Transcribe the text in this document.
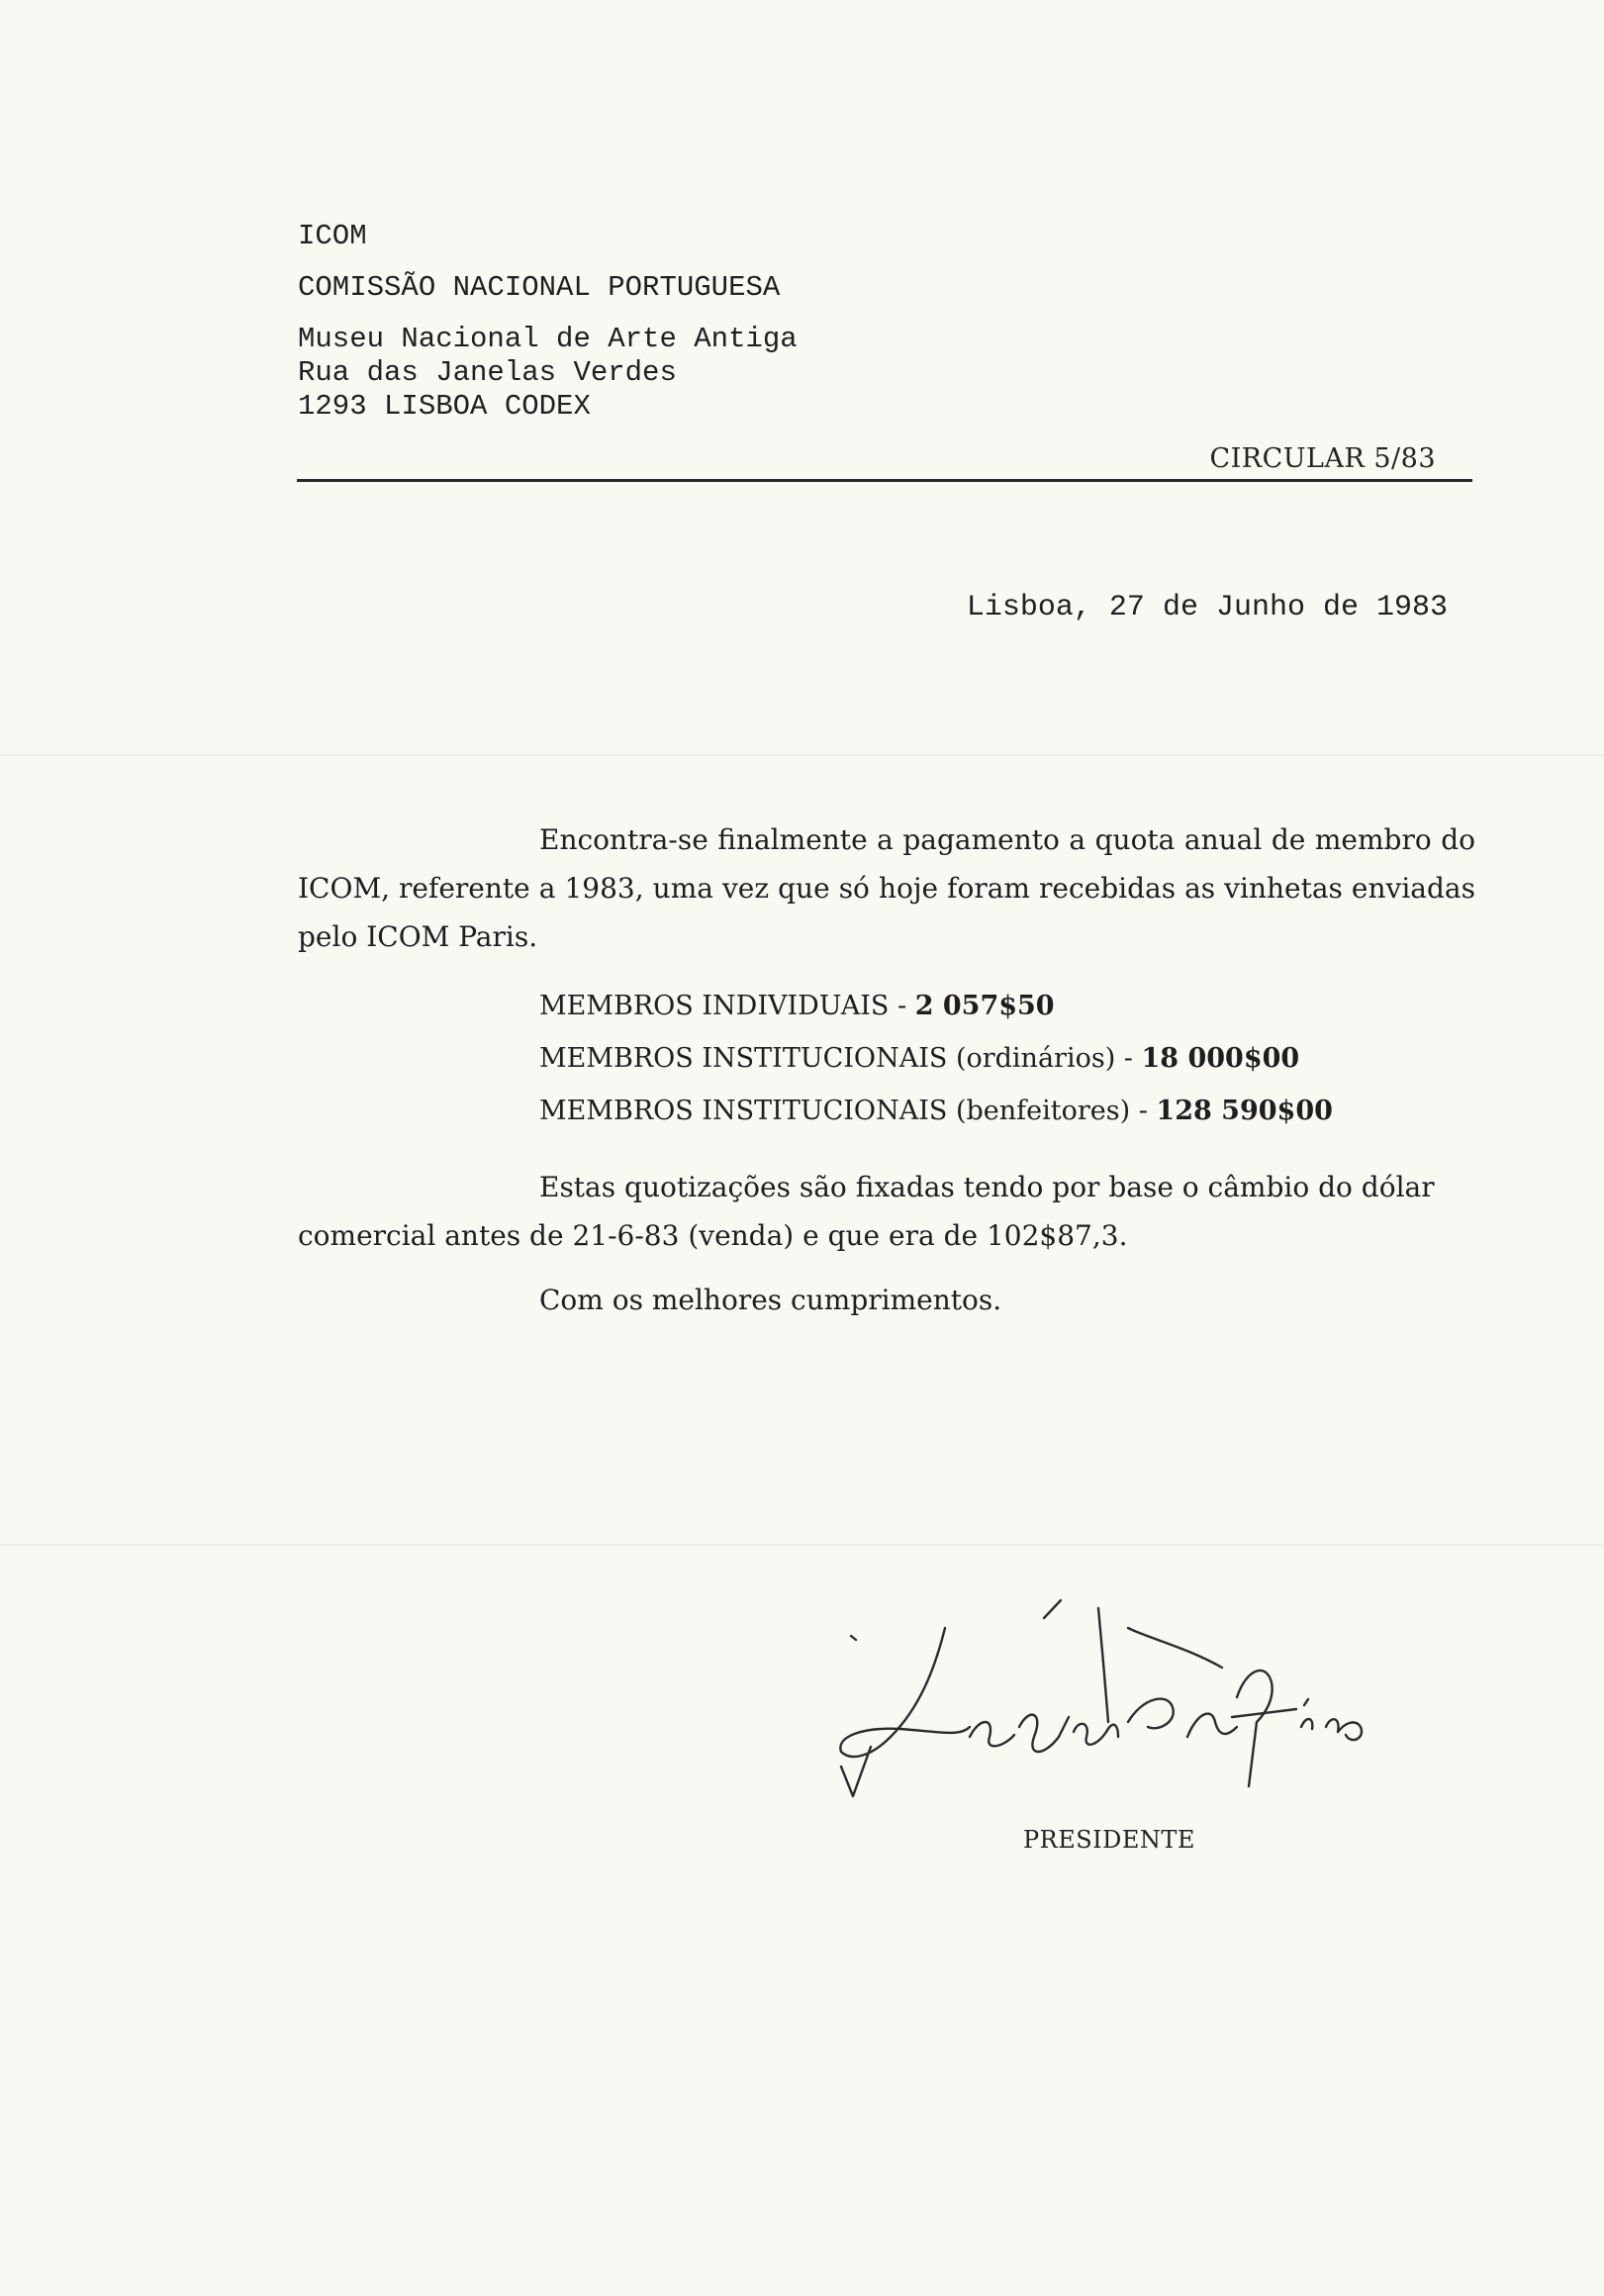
ICOM
COMISSÃO NACIONAL PORTUGUESA
Museu Nacional de Arte Antiga
Rua das Janelas Verdes
1293 LISBOA CODEX
CIRCULAR 5/83
Lisboa, 27 de Junho de 1983

Encontra-se finalmente a pagamento a quota anual de membro do ICOM, referente a 1983, uma vez que só hoje foram recebidas as vinhetas enviadas pelo ICOM Paris.

MEMBROS INDIVIDUAIS - 2 057$50
MEMBROS INSTITUCIONAIS (ordinários) - 18 000$00
MEMBROS INSTITUCIONAIS (benfeitores) - 128 590$00

Estas quotizações são fixadas tendo por base o câmbio do dólar comercial antes de 21-6-83 (venda) e que era de 102$87,3.

Com os melhores cumprimentos.
PRESIDENTE
